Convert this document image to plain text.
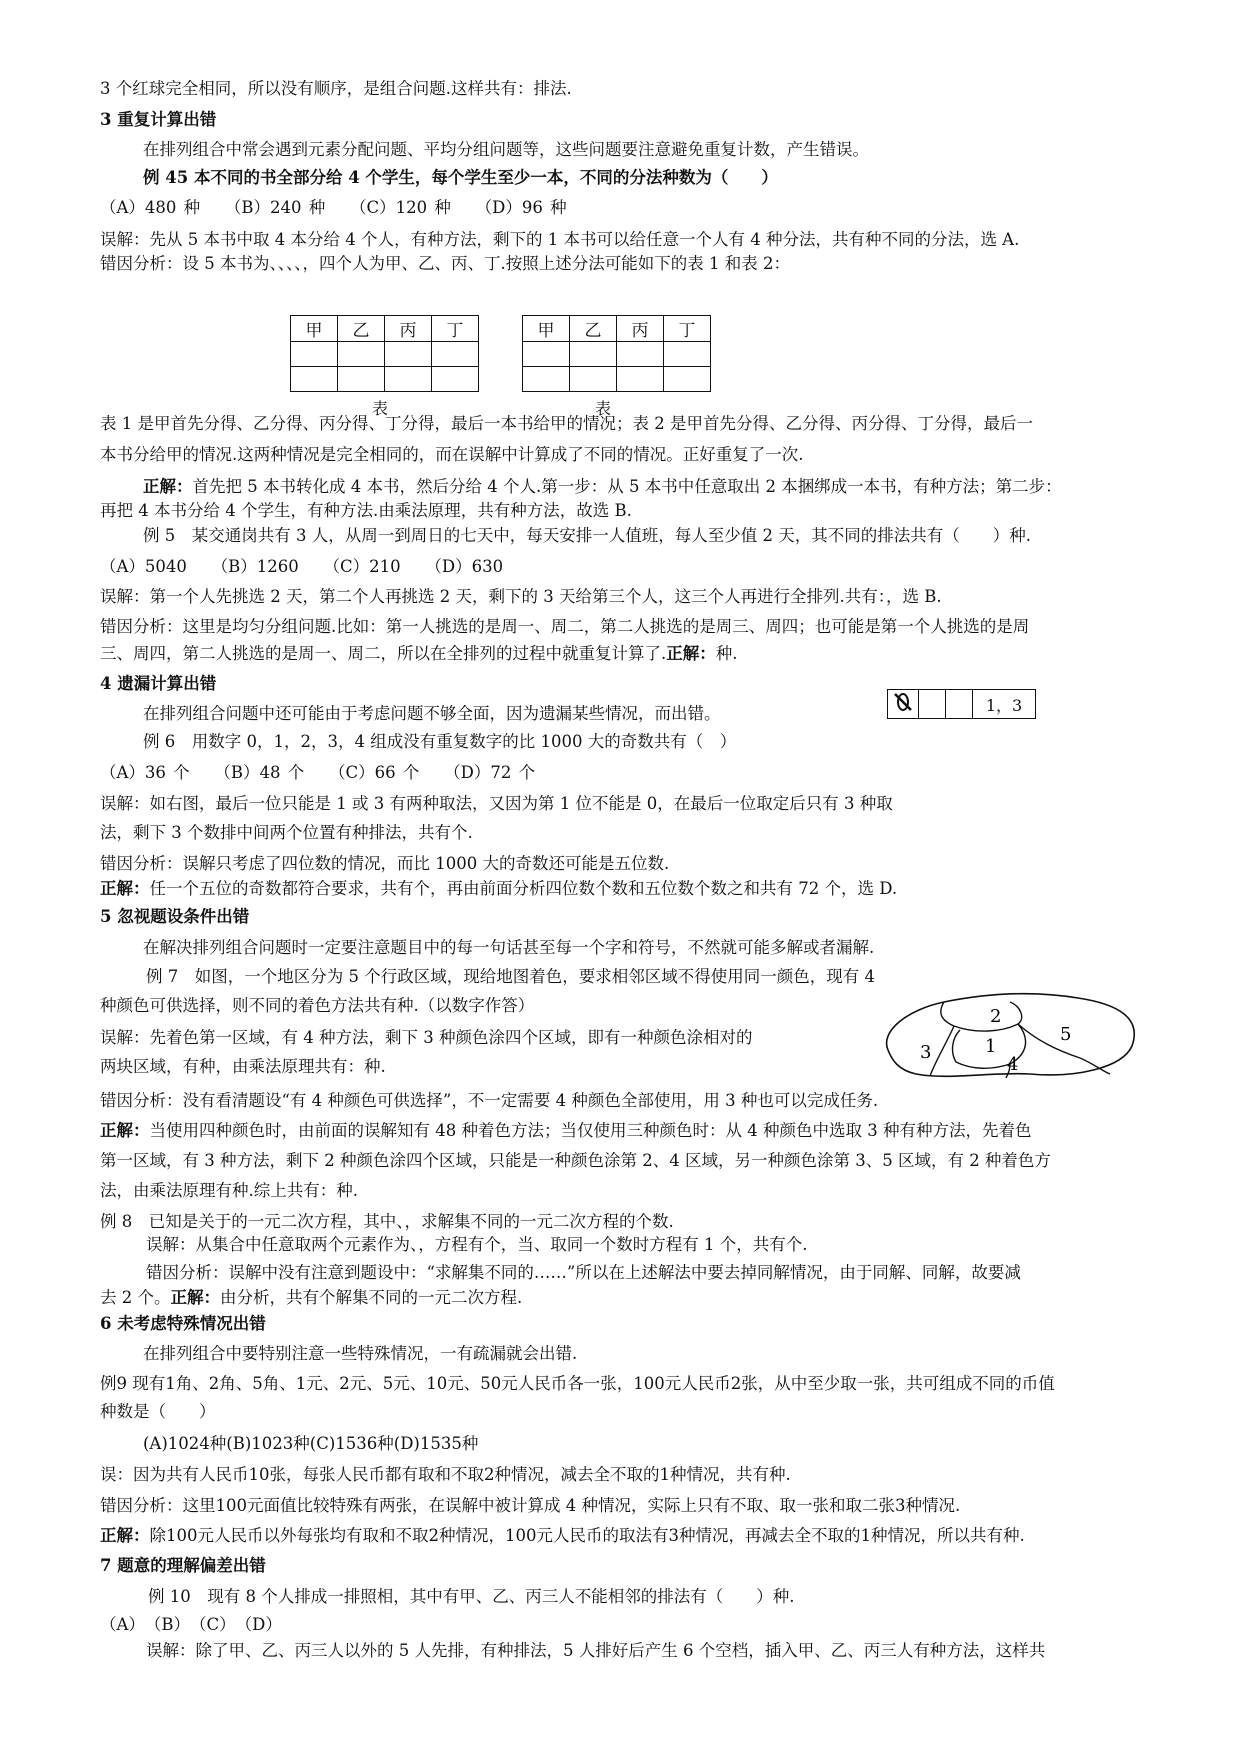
3 个红球完全相同，所以没有顺序，是组合问题.这样共有：排法.
3 重复计算出错
在排列组合中常会遇到元素分配问题、平均分组问题等，这些问题要注意避免重复计数，产生错误。
例 45 本不同的书全部分给 4 个学生，每个学生至少一本，不同的分法种数为（　　）
（A）480 种　　（B）240 种　　（C）120 种　　（D）96 种
误解：先从 5 本书中取 4 本分给 4 个人，有种方法，剩下的 1 本书可以给任意一个人有 4 种分法，共有种不同的分法，选 A.
错因分析：设 5 本书为、、、、，四个人为甲、乙、丙、丁.按照上述分法可能如下的表 1 和表 2：
甲	乙	丙	丁

表
甲	乙	丙	丁

表
表 1 是甲首先分得、乙分得、丙分得、丁分得，最后一本书给甲的情况；表 2 是甲首先分得、乙分得、丙分得、丁分得，最后一
本书分给甲的情况.这两种情况是完全相同的，而在误解中计算成了不同的情况。正好重复了一次.
正解：首先把 5 本书转化成 4 本书，然后分给 4 个人.第一步：从 5 本书中任意取出 2 本捆绑成一本书，有种方法；第二步：
再把 4 本书分给 4 个学生，有种方法.由乘法原理，共有种方法，故选 B.
例 5　某交通岗共有 3 人，从周一到周日的七天中，每天安排一人值班，每人至少值 2 天，其不同的排法共有（　　）种.
（A）5040　　（B）1260　　（C）210　　（D）630
误解：第一个人先挑选 2 天，第二个人再挑选 2 天，剩下的 3 天给第三个人，这三个人再进行全排列.共有：，选 B.
错因分析：这里是均匀分组问题.比如：第一人挑选的是周一、周二，第二人挑选的是周三、周四；也可能是第一个人挑选的是周
三、周四，第二人挑选的是周一、周二，所以在全排列的过程中就重复计算了.正解：种.
4 遗漏计算出错
在排列组合问题中还可能由于考虑问题不够全面，因为遗漏某些情况，而出错。
				1，3
例 6　用数字 0，1，2，3，4 组成没有重复数字的比 1000 大的奇数共有（　）
（A）36 个　　（B）48 个　　（C）66 个　　（D）72 个
误解：如右图，最后一位只能是 1 或 3 有两种取法，又因为第 1 位不能是 0，在最后一位取定后只有 3 种取
法，剩下 3 个数排中间两个位置有种排法，共有个.
错因分析：误解只考虑了四位数的情况，而比 1000 大的奇数还可能是五位数.
正解：任一个五位的奇数都符合要求，共有个，再由前面分析四位数个数和五位数个数之和共有 72 个，选 D.
5 忽视题设条件出错
在解决排列组合问题时一定要注意题目中的每一句话甚至每一个字和符号，不然就可能多解或者漏解.
例 7　如图，一个地区分为 5 个行政区域，现给地图着色，要求相邻区域不得使用同一颜色，现有 4
1
2
3
4
5
种颜色可供选择，则不同的着色方法共有种.（以数字作答）
误解：先着色第一区域，有 4 种方法，剩下 3 种颜色涂四个区域，即有一种颜色涂相对的
两块区域，有种，由乘法原理共有：种.
错因分析：没有看清题设“有 4 种颜色可供选择”，不一定需要 4 种颜色全部使用，用 3 种也可以完成任务.
正解：当使用四种颜色时，由前面的误解知有 48 种着色方法；当仅使用三种颜色时：从 4 种颜色中选取 3 种有种方法，先着色
第一区域，有 3 种方法，剩下 2 种颜色涂四个区域，只能是一种颜色涂第 2、4 区域，另一种颜色涂第 3、5 区域，有 2 种着色方
法，由乘法原理有种.综上共有：种.
例 8　已知是关于的一元二次方程，其中、，求解集不同的一元二次方程的个数.
误解：从集合中任意取两个元素作为、，方程有个，当、取同一个数时方程有 1 个，共有个.
错因分析：误解中没有注意到题设中：“求解集不同的……”所以在上述解法中要去掉同解情况，由于同解、同解，故要减
去 2 个。正解：由分析，共有个解集不同的一元二次方程.
6 未考虑特殊情况出错
在排列组合中要特别注意一些特殊情况，一有疏漏就会出错.
例9 现有1角、2角、5角、1元、2元、5元、10元、50元人民币各一张，100元人民币2张，从中至少取一张，共可组成不同的币值
种数是（　　）
(A)1024种(B)1023种(C)1536种(D)1535种
误：因为共有人民币10张，每张人民币都有取和不取2种情况，减去全不取的1种情况，共有种.
错因分析：这里100元面值比较特殊有两张，在误解中被计算成 4 种情况，实际上只有不取、取一张和取二张3种情况.
正解：除100元人民币以外每张均有取和不取2种情况，100元人民币的取法有3种情况，再减去全不取的1种情况，所以共有种.
7 题意的理解偏差出错
例 10　现有 8 个人排成一排照相，其中有甲、乙、丙三人不能相邻的排法有（　　）种.
（A）　（B）　（C）　（D）
误解：除了甲、乙、丙三人以外的 5 人先排，有种排法，5 人排好后产生 6 个空档，插入甲、乙、丙三人有种方法，这样共
